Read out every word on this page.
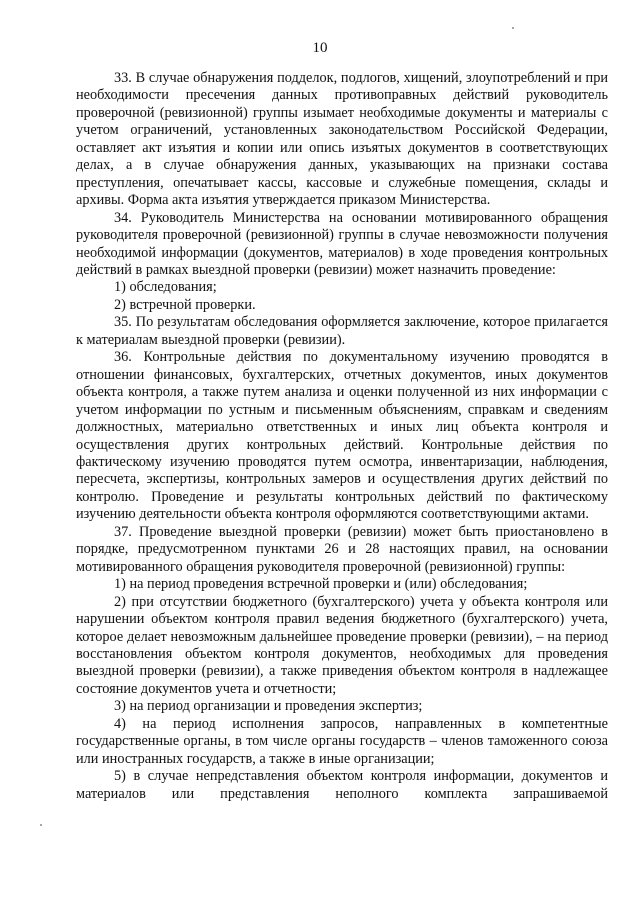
10

33. В случае обнаружения подделок, подлогов, хищений, злоупотреблений и при необходимости пресечения данных противоправных действий руководитель проверочной (ревизионной) группы изымает необходимые документы и материалы с учетом ограничений, установленных законодательством Российской Федерации, оставляет акт изъятия и копии или опись изъятых документов в соответствующих делах, а в случае обнаружения данных, указывающих на признаки состава преступления, опечатывает кассы, кассовые и служебные помещения, склады и архивы. Форма акта изъятия утверждается приказом Министерства.

34. Руководитель Министерства на основании мотивированного обращения руководителя проверочной (ревизионной) группы в случае невозможности получения необходимой информации (документов, материалов) в ходе проведения контрольных действий в рамках выездной проверки (ревизии) может назначить проведение:

1) обследования;

2) встречной проверки.

35. По результатам обследования оформляется заключение, которое прилагается к материалам выездной проверки (ревизии).

36. Контрольные действия по документальному изучению проводятся в отношении финансовых, бухгалтерских, отчетных документов, иных документов объекта контроля, а также путем анализа и оценки полученной из них информации с учетом информации по устным и письменным объяснениям, справкам и сведениям должностных, материально ответственных и иных лиц объекта контроля и осуществления других контрольных действий. Контрольные действия по фактическому изучению проводятся путем осмотра, инвентаризации, наблюдения, пересчета, экспертизы, контрольных замеров и осуществления других действий по контролю. Проведение и результаты контрольных действий по фактическому изучению деятельности объекта контроля оформляются соответствующими актами.

37. Проведение выездной проверки (ревизии) может быть приостановлено в порядке, предусмотренном пунктами 26 и 28 настоящих правил, на основании мотивированного обращения руководителя проверочной (ревизионной) группы:

1) на период проведения встречной проверки и (или) обследования;

2) при отсутствии бюджетного (бухгалтерского) учета у объекта контроля или нарушении объектом контроля правил ведения бюджетного (бухгалтерского) учета, которое делает невозможным дальнейшее проведение проверки (ревизии), – на период восстановления объектом контроля документов, необходимых для проведения выездной проверки (ревизии), а также приведения объектом контроля в надлежащее состояние документов учета и отчетности;

3) на период организации и проведения экспертиз;

4) на период исполнения запросов, направленных в компетентные государственные органы, в том числе органы государств – членов таможенного союза или иностранных государств, а также в иные организации;

5) в случае непредставления объектом контроля информации, документов и материалов или представления неполного комплекта запрашиваемой
